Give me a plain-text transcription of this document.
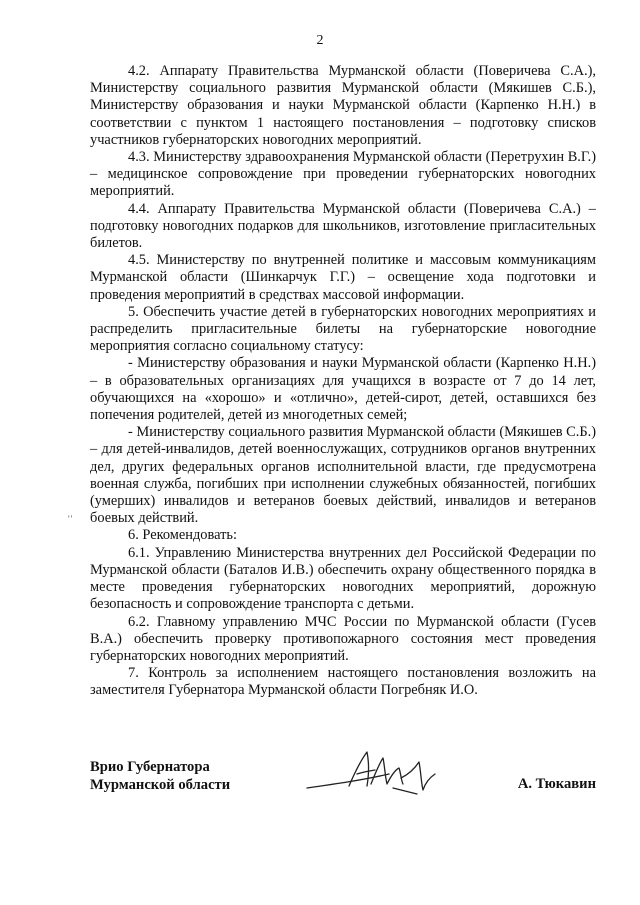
2

4.2. Аппарату Правительства Мурманской области (Поверичева С.А.), Министерству социального развития Мурманской области (Мякишев С.Б.), Министерству образования и науки Мурманской области (Карпенко Н.Н.) в соответствии с пунктом 1 настоящего постановления – подготовку списков участников губернаторских новогодних мероприятий.

4.3. Министерству здравоохранения Мурманской области (Перетрухин В.Г.) – медицинское сопровождение при проведении губернаторских новогодних мероприятий.

4.4. Аппарату Правительства Мурманской области (Поверичева С.А.) – подготовку новогодних подарков для школьников, изготовление пригласительных билетов.

4.5. Министерству по внутренней политике и массовым коммуникациям Мурманской области (Шинкарчук Г.Г.) – освещение хода подготовки и проведения мероприятий в средствах массовой информации.

5. Обеспечить участие детей в губернаторских новогодних мероприятиях и распределить пригласительные билеты на губернаторские новогодние мероприятия согласно социальному статусу:

- Министерству образования и науки Мурманской области (Карпенко Н.Н.) – в образовательных организациях для учащихся в возрасте от 7 до 14 лет, обучающихся на «хорошо» и «отлично», детей-сирот, детей, оставшихся без попечения родителей, детей из многодетных семей;

- Министерству социального развития Мурманской области (Мякишев С.Б.) – для детей-инвалидов, детей военнослужащих, сотрудников органов внутренних дел, других федеральных органов исполнительной власти, где предусмотрена военная служба, погибших при исполнении служебных обязанностей, погибших (умерших) инвалидов и ветеранов боевых действий, инвалидов и ветеранов боевых действий.

6. Рекомендовать:

6.1. Управлению Министерства внутренних дел Российской Федерации по Мурманской области (Баталов И.В.) обеспечить охрану общественного порядка в месте проведения губернаторских новогодних мероприятий, дорожную безопасность и сопровождение транспорта с детьми.

6.2. Главному управлению МЧС России по Мурманской области (Гусев В.А.) обеспечить проверку противопожарного состояния мест проведения губернаторских новогодних мероприятий.

7. Контроль за исполнением настоящего постановления возложить на заместителя Губернатора Мурманской области Погребняк И.О.

''
Врио Губернатора
Мурманской области	А. Тюкавин
